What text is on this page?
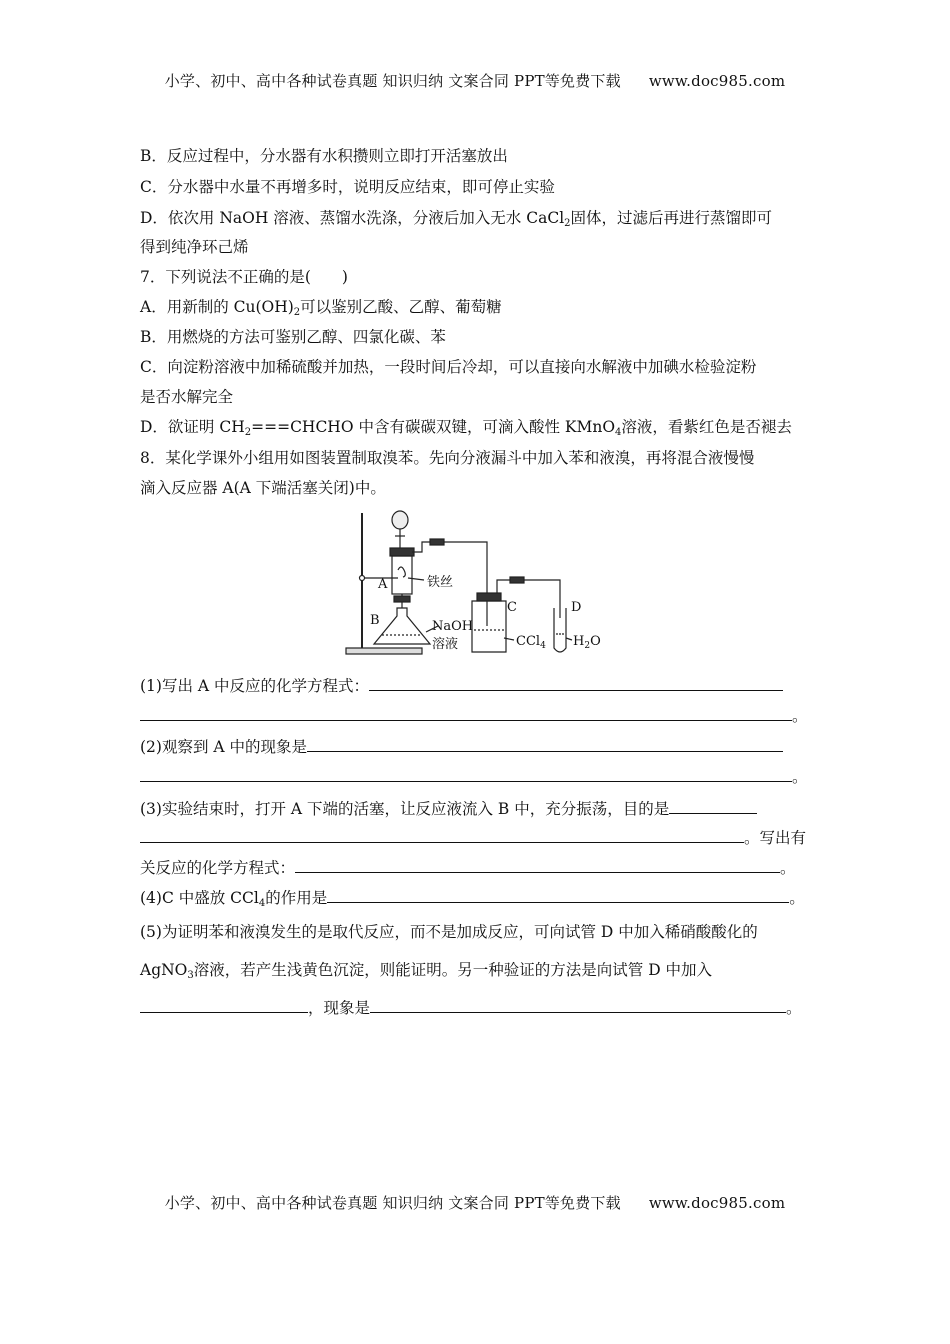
小学、初中、高中各种试卷真题 知识归纳 文案合同 PPT等免费下载 www.doc985.com
B．反应过程中，分水器有水积攒则立即打开活塞放出
C．分水器中水量不再增多时，说明反应结束，即可停止实验
D．依次用 NaOH 溶液、蒸馏水洗涤，分液后加入无水 CaCl$_2$固体，过滤后再进行蒸馏即可
得到纯净环己烯
7．下列说法不正确的是(　　)
A．用新制的 $Cu(OH)_2$可以鉴别乙酸、乙醇、葡萄糖
B．用燃烧的方法可鉴别乙醇、四氯化碳、苯
C．向淀粉溶液中加稀硫酸并加热，一段时间后冷却，可以直接向水解液中加碘水检验淀粉
是否水解完全
D．欲证明 $CH_2===CHCHO$ 中含有碳碳双键，可滴入酸性 KMnO$_4$溶液，看紫红色是否褪去
8．某化学课外小组用如图装置制取溴苯。先向分液漏斗中加入苯和液溴，再将混合液慢慢
滴入反应器 A(A 下端活塞关闭)中。
A
B
铁丝
NaOH
溶液
C
CCl$_4$
D
$H_2O$
(1)写出 A 中反应的化学方程式：
。
(2)观察到 A 中的现象是
。
(3)实验结束时，打开 A 下端的活塞，让反应液流入 B 中，充分振荡，目的是
。写出有
关反应的化学方程式：	。
(4)C 中盛放 CCl$_4$的作用是	。
(5)为证明苯和液溴发生的是取代反应，而不是加成反应，可向试管 D 中加入稀硝酸酸化的
AgNO$_3$溶液，若产生浅黄色沉淀，则能证明。另一种验证的方法是向试管 D 中加入
，现象是	。
小学、初中、高中各种试卷真题 知识归纳 文案合同 PPT等免费下载 www.doc985.com
